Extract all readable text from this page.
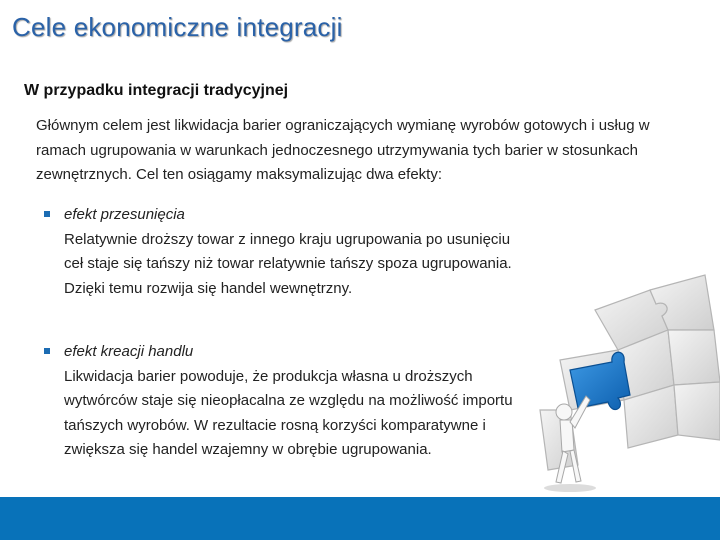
Cele ekonomiczne integracji
W przypadku integracji tradycyjnej

Głównym celem jest likwidacja barier ograniczających wymianę wyrobów gotowych i usług w ramach ugrupowania w warunkach jednoczesnego utrzymywania tych barier w stosunkach zewnętrznych. Cel ten osiągamy maksymalizując dwa efekty:

efekt przesunięcia
Relatywnie droższy towar z innego kraju ugrupowania po usunięciu ceł staje się tańszy niż towar relatywnie tańszy spoza ugrupowania. Dzięki temu rozwija się handel wewnętrzny.
efekt kreacji handlu
Likwidacja barier powoduje, że produkcja własna u droższych wytwórców staje się nieopłacalna ze względu na możliwość importu tańszych wyrobów. W rezultacie rosną korzyści komparatywne i zwiększa się handel wzajemny w obrębie ugrupowania.
